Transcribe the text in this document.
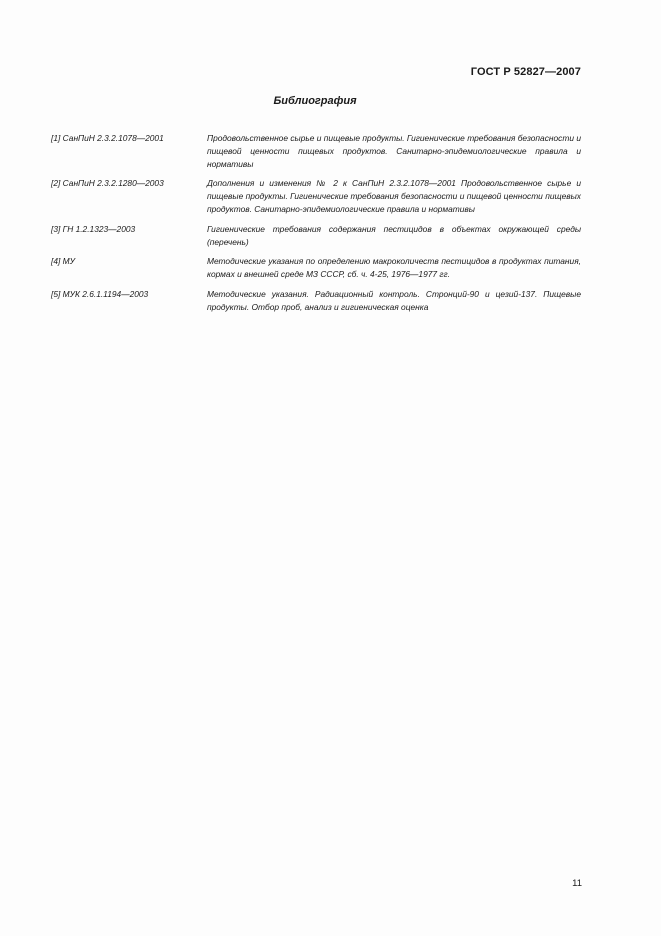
ГОСТ Р 52827—2007
Библиография
[1] СанПиН 2.3.2.1078—2001	Продовольственное сырье и пищевые продукты. Гигиенические требования безопасности и пищевой ценности пищевых продуктов. Санитарно-эпидемиологические правила и нормативы
[2] СанПиН 2.3.2.1280—2003	Дополнения и изменения № 2 к СанПиН 2.3.2.1078—2001 Продовольственное сырье и пищевые продукты. Гигиенические требования безопасности и пищевой ценности пищевых продуктов. Санитарно-эпидемиологические правила и нормативы
[3] ГН 1.2.1323—2003	Гигиенические требования содержания пестицидов в объектах окружающей среды (перечень)
[4] МУ	Методические указания по определению макроколичеств пестицидов в продуктах питания, кормах и внешней среде МЗ СССР, сб. ч. 4-25, 1976—1977 гг.
[5] МУК 2.6.1.1194—2003	Методические указания. Радиационный контроль. Стронций-90 и цезий-137. Пищевые продукты. Отбор проб, анализ и гигиеническая оценка
11
